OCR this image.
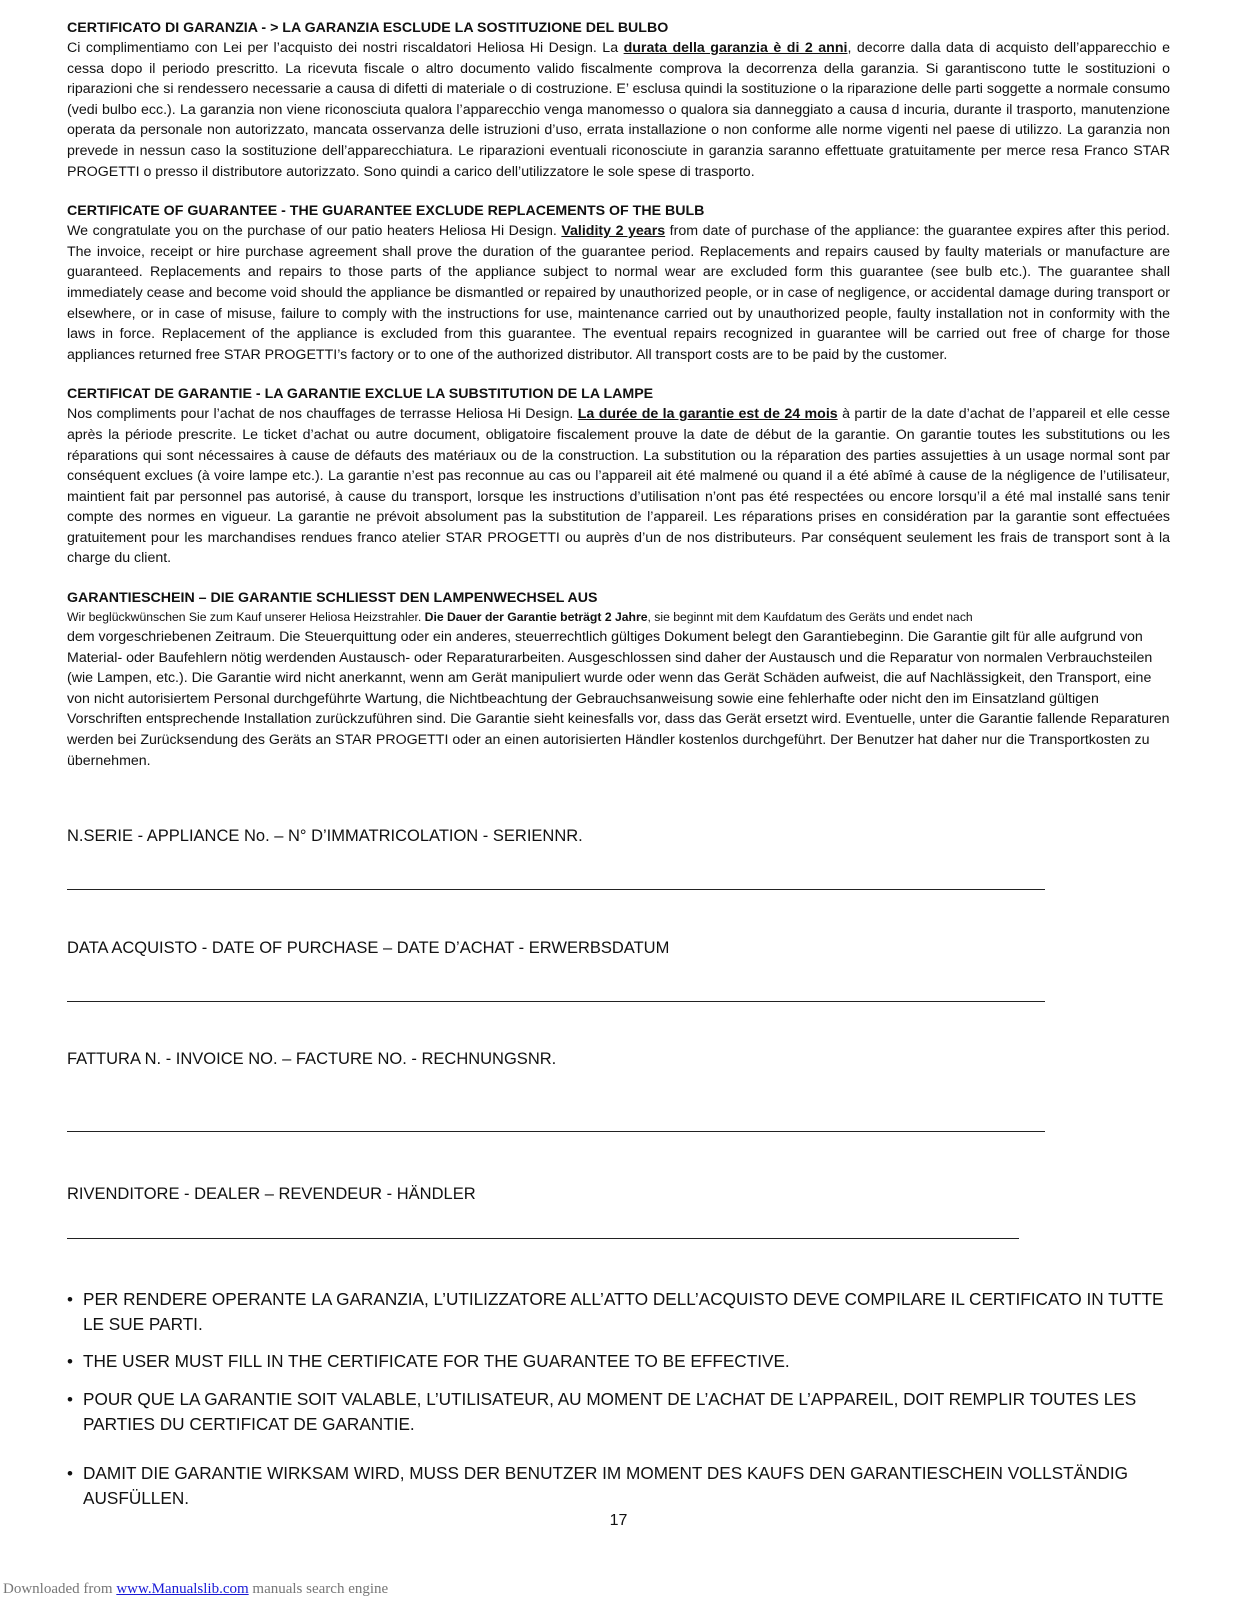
CERTIFICATO DI GARANZIA - > LA GARANZIA ESCLUDE LA SOSTITUZIONE DEL BULBO

Ci complimentiamo con Lei per l’acquisto dei nostri riscaldatori Heliosa Hi Design. La durata della garanzia è di 2 anni, decorre dalla data di acquisto dell’apparecchio e cessa dopo il periodo prescritto. La ricevuta fiscale o altro documento valido fiscalmente comprova la decorrenza della garanzia. Si garantiscono tutte le sostituzioni o riparazioni che si rendessero necessarie a causa di difetti di materiale o di costruzione. E’ esclusa quindi la sostituzione o la riparazione delle parti soggette a normale consumo (vedi bulbo ecc.). La garanzia non viene riconosciuta qualora l’apparecchio venga manomesso o qualora sia danneggiato a causa d incuria, durante il trasporto, manutenzione operata da personale non autorizzato, mancata osservanza delle istruzioni d’uso, errata installazione o non conforme alle norme vigenti nel paese di utilizzo. La garanzia non prevede in nessun caso la sostituzione dell’apparecchiatura. Le riparazioni eventuali riconosciute in garanzia saranno effettuate gratuitamente per merce resa Franco STAR PROGETTI o presso il distributore autorizzato. Sono quindi a carico dell’utilizzatore le sole spese di trasporto.

CERTIFICATE OF GUARANTEE - THE GUARANTEE EXCLUDE REPLACEMENTS OF THE BULB

We congratulate you on the purchase of our patio heaters Heliosa Hi Design. Validity 2 years from date of purchase of the appliance: the guarantee expires after this period. The invoice, receipt or hire purchase agreement shall prove the duration of the guarantee period. Replacements and repairs caused by faulty materials or manufacture are guaranteed. Replacements and repairs to those parts of the appliance subject to normal wear are excluded form this guarantee (see bulb etc.). The guarantee shall immediately cease and become void should the appliance be dismantled or repaired by unauthorized people, or in case of negligence, or accidental damage during transport or elsewhere, or in case of misuse, failure to comply with the instructions for use, maintenance carried out by unauthorized people, faulty installation not in conformity with the laws in force. Replacement of the appliance is excluded from this guarantee. The eventual repairs recognized in guarantee will be carried out free of charge for those appliances returned free STAR PROGETTI’s factory or to one of the authorized distributor. All transport costs are to be paid by the customer.

CERTIFICAT DE GARANTIE - LA GARANTIE EXCLUE LA SUBSTITUTION DE LA LAMPE

Nos compliments pour l’achat de nos chauffages de terrasse Heliosa Hi Design. La durée de la garantie est de 24 mois à partir de la date d’achat de l’appareil et elle cesse après la période prescrite. Le ticket d’achat ou autre document, obligatoire fiscalement prouve la date de début de la garantie. On garantie toutes les substitutions ou les réparations qui sont nécessaires à cause de défauts des matériaux ou de la construction. La substitution ou la réparation des parties assujetties à un usage normal sont par conséquent exclues (à voire lampe etc.). La garantie n’est pas reconnue au cas ou l’appareil ait été malmené ou quand il a été abîmé à cause de la négligence de l’utilisateur, maintient fait par personnel pas autorisé, à cause du transport, lorsque les instructions d’utilisation n’ont pas été respectées ou encore lorsqu’il a été mal installé sans tenir compte des normes en vigueur. La garantie ne prévoit absolument pas la substitution de l’appareil. Les réparations prises en considération par la garantie sont effectuées gratuitement pour les marchandises rendues franco atelier STAR PROGETTI ou auprès d’un de nos distributeurs. Par conséquent seulement les frais de transport sont à la charge du client.

GARANTIESCHEIN – DIE GARANTIE SCHLIESST DEN LAMPENWECHSEL AUS

Wir beglückwünschen Sie zum Kauf unserer Heliosa Heizstrahler. Die Dauer der Garantie beträgt 2 Jahre, sie beginnt mit dem Kaufdatum des Geräts und endet nach

dem vorgeschriebenen Zeitraum. Die Steuerquittung oder ein anderes, steuerrechtlich gültiges Dokument belegt den Garantiebeginn. Die Garantie gilt für alle aufgrund von Material- oder Baufehlern nötig werdenden Austausch- oder Reparaturarbeiten. Ausgeschlossen sind daher der Austausch und die Reparatur von normalen Verbrauchsteilen (wie Lampen, etc.). Die Garantie wird nicht anerkannt, wenn am Gerät manipuliert wurde oder wenn das Gerät Schäden aufweist, die auf Nachlässigkeit, den Transport, eine von nicht autorisiertem Personal durchgeführte Wartung, die Nichtbeachtung der Gebrauchsanweisung sowie eine fehlerhafte oder nicht den im Einsatzland gültigen Vorschriften entsprechende Installation zurückzuführen sind. Die Garantie sieht keinesfalls vor, dass das Gerät ersetzt wird. Eventuelle, unter die Garantie fallende Reparaturen werden bei Zurücksendung des Geräts an STAR PROGETTI oder an einen autorisierten Händler kostenlos durchgeführt. Der Benutzer hat daher nur die Transportkosten zu übernehmen.

N.SERIE - APPLIANCE No. – N° D’IMMATRICOLATION - SERIENNR.
DATA ACQUISTO - DATE OF PURCHASE – DATE D’ACHAT - ERWERBSDATUM
FATTURA N. - INVOICE NO. – FACTURE NO. - RECHNUNGSNR.
RIVENDITORE - DEALER – REVENDEUR - HÄNDLER
• PER RENDERE OPERANTE LA GARANZIA, L’UTILIZZATORE ALL’ATTO DELL’ACQUISTO DEVE COMPILARE IL CERTIFICATO IN TUTTE LE SUE PARTI.
• THE USER MUST FILL IN THE CERTIFICATE FOR THE GUARANTEE TO BE EFFECTIVE.
• POUR QUE LA GARANTIE SOIT VALABLE, L’UTILISATEUR, AU MOMENT DE L’ACHAT DE L’APPAREIL, DOIT REMPLIR TOUTES LES PARTIES DU CERTIFICAT DE GARANTIE.
• DAMIT DIE GARANTIE WIRKSAM WIRD, MUSS DER BENUTZER IM MOMENT DES KAUFS DEN GARANTIESCHEIN VOLLSTÄNDIG AUSFÜLLEN.
17
Downloaded from www.Manualslib.com manuals search engine
